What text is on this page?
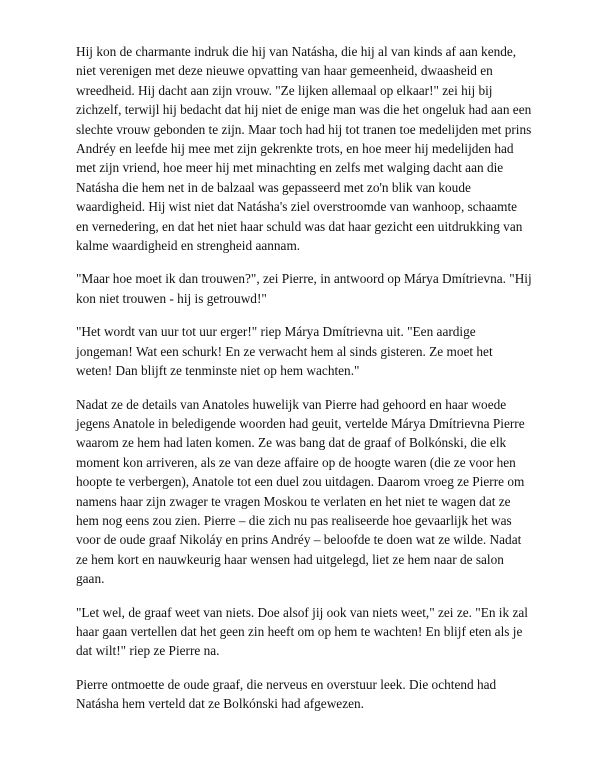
Hij kon de charmante indruk die hij van Natásha, die hij al van kinds af aan kende, niet verenigen met deze nieuwe opvatting van haar gemeenheid, dwaasheid en wreedheid. Hij dacht aan zijn vrouw. "Ze lijken allemaal op elkaar!" zei hij bij zichzelf, terwijl hij bedacht dat hij niet de enige man was die het ongeluk had aan een slechte vrouw gebonden te zijn. Maar toch had hij tot tranen toe medelijden met prins Andréy en leefde hij mee met zijn gekrenkte trots, en hoe meer hij medelijden had met zijn vriend, hoe meer hij met minachting en zelfs met walging dacht aan die Natásha die hem net in de balzaal was gepasseerd met zo'n blik van koude waardigheid. Hij wist niet dat Natásha's ziel overstroomde van wanhoop, schaamte en vernedering, en dat het niet haar schuld was dat haar gezicht een uitdrukking van kalme waardigheid en strengheid aannam.

"Maar hoe moet ik dan trouwen?", zei Pierre, in antwoord op Márya Dmítrievna. "Hij kon niet trouwen - hij is getrouwd!"

"Het wordt van uur tot uur erger!" riep Márya Dmítrievna uit. "Een aardige jongeman! Wat een schurk! En ze verwacht hem al sinds gisteren. Ze moet het weten! Dan blijft ze tenminste niet op hem wachten."

Nadat ze de details van Anatoles huwelijk van Pierre had gehoord en haar woede jegens Anatole in beledigende woorden had geuit, vertelde Márya Dmítrievna Pierre waarom ze hem had laten komen. Ze was bang dat de graaf of Bolkónski, die elk moment kon arriveren, als ze van deze affaire op de hoogte waren (die ze voor hen hoopte te verbergen), Anatole tot een duel zou uitdagen. Daarom vroeg ze Pierre om namens haar zijn zwager te vragen Moskou te verlaten en het niet te wagen dat ze hem nog eens zou zien. Pierre – die zich nu pas realiseerde hoe gevaarlijk het was voor de oude graaf Nikoláy en prins Andréy – beloofde te doen wat ze wilde. Nadat ze hem kort en nauwkeurig haar wensen had uitgelegd, liet ze hem naar de salon gaan.

"Let wel, de graaf weet van niets. Doe alsof jij ook van niets weet," zei ze. "En ik zal haar gaan vertellen dat het geen zin heeft om op hem te wachten! En blijf eten als je dat wilt!" riep ze Pierre na.

Pierre ontmoette de oude graaf, die nerveus en overstuur leek. Die ochtend had Natásha hem verteld dat ze Bolkónski had afgewezen.
